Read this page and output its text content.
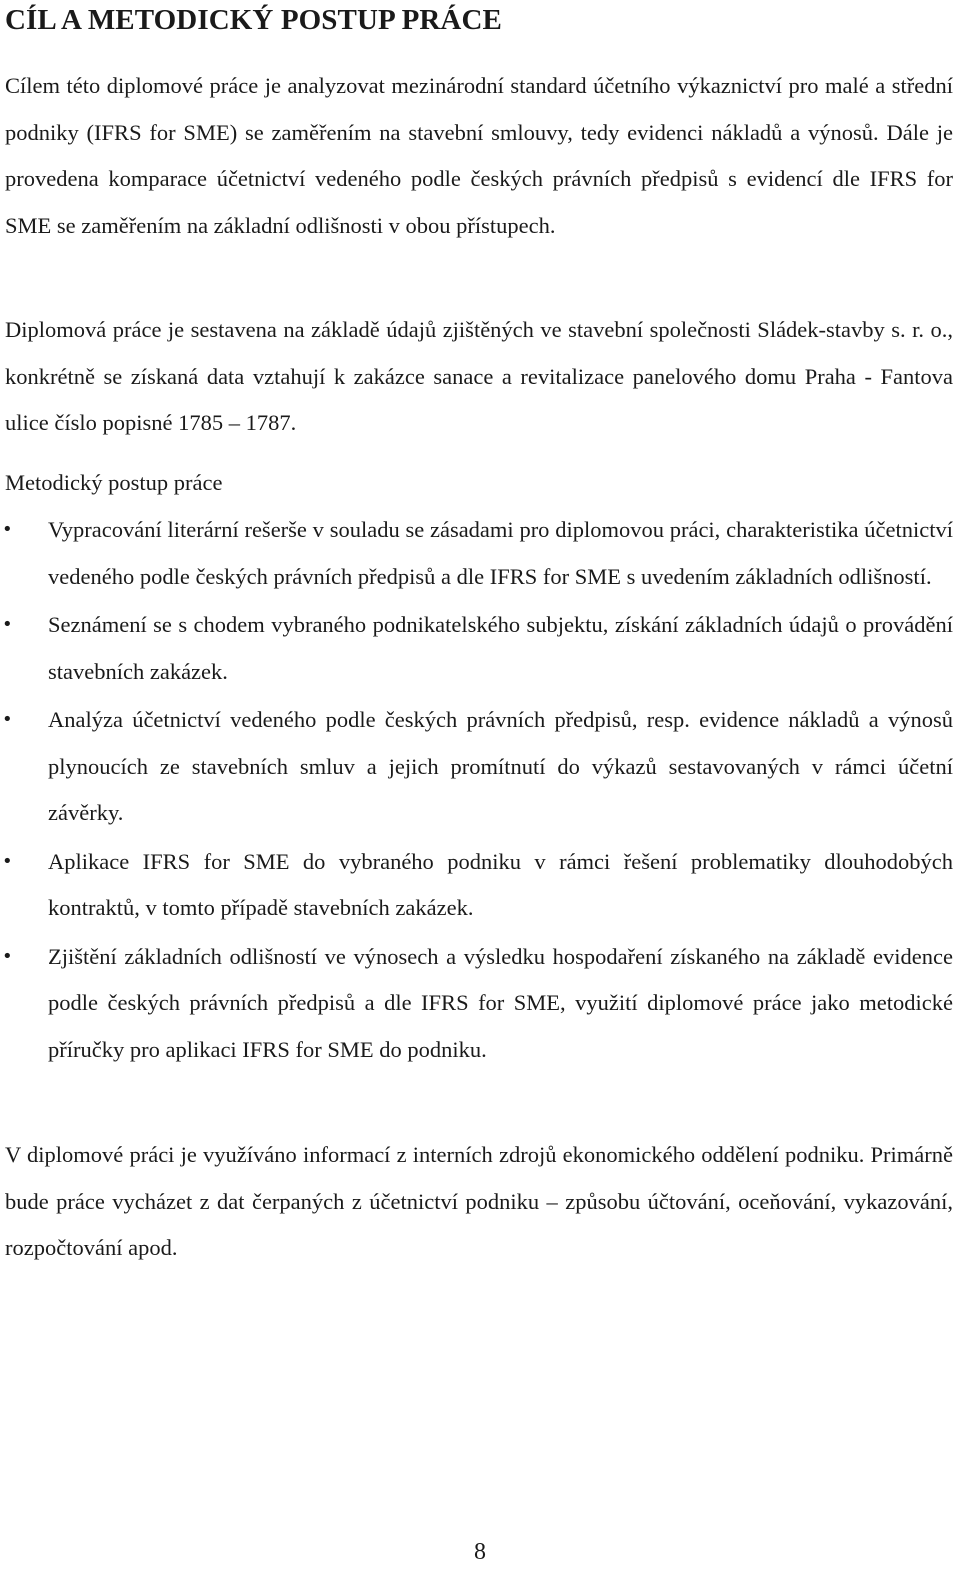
CÍL A METODICKÝ POSTUP PRÁCE

Cílem této diplomové práce je analyzovat mezinárodní standard účetního výkaznictví pro malé a střední podniky (IFRS for SME) se zaměřením na stavební smlouvy, tedy evidenci nákladů a výnosů. Dále je provedena komparace účetnictví vedeného podle českých právních předpisů s evidencí dle IFRS for SME se zaměřením na základní odlišnosti v obou přístupech.

Diplomová práce je sestavena na základě údajů zjištěných ve stavební společnosti Sládek-stavby s. r. o., konkrétně se získaná data vztahují k zakázce sanace a revitalizace panelového domu Praha - Fantova ulice číslo popisné 1785 – 1787.

Metodický postup práce

•	Vypracování literární rešerše v souladu se zásadami pro diplomovou práci, charakteristika účetnictví vedeného podle českých právních předpisů a dle IFRS for SME s uvedením základních odlišností.
•	Seznámení se s chodem vybraného podnikatelského subjektu, získání základních údajů o provádění stavebních zakázek.
•	Analýza účetnictví vedeného podle českých právních předpisů, resp. evidence nákladů a výnosů plynoucích ze stavebních smluv a jejich promítnutí do výkazů sestavovaných v rámci účetní závěrky.
•	Aplikace IFRS for SME do vybraného podniku v rámci řešení problematiky dlouhodobých kontraktů, v tomto případě stavebních zakázek.
•	Zjištění základních odlišností ve výnosech a výsledku hospodaření získaného na základě evidence podle českých právních předpisů a dle IFRS for SME, využití diplomové práce jako metodické příručky pro aplikaci IFRS for SME do podniku.

V diplomové práci je využíváno informací z interních zdrojů ekonomického oddělení podniku. Primárně bude práce vycházet z dat čerpaných z účetnictví podniku – způsobu účtování, oceňování, vykazování, rozpočtování apod.

8
